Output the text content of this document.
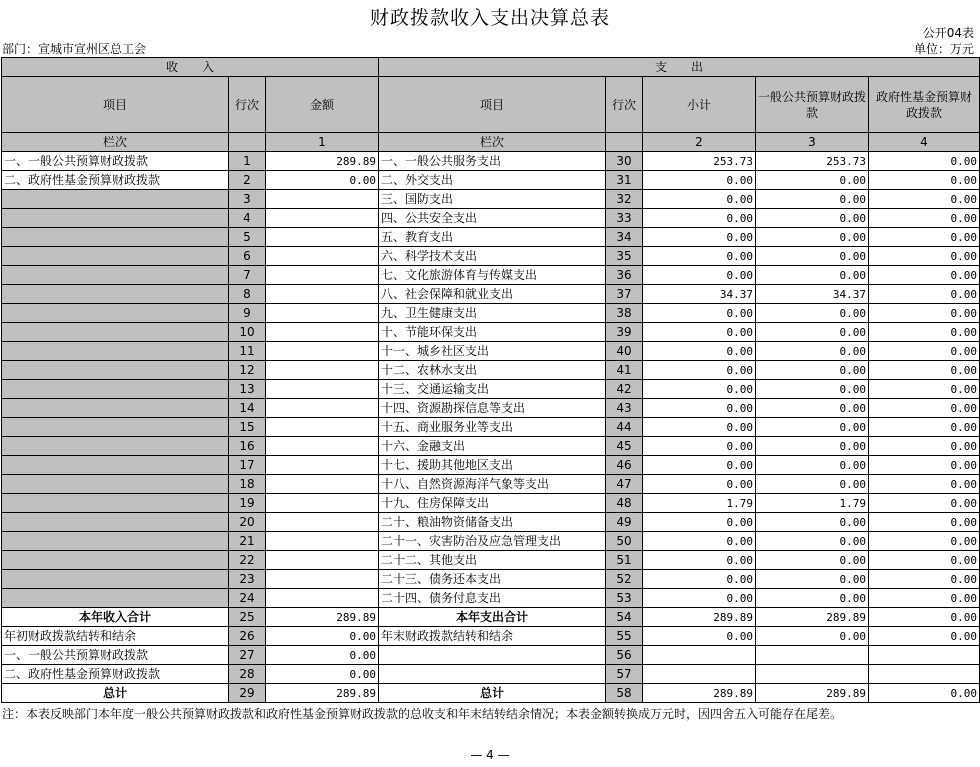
财政拨款收入支出决算总表
公开04表
部门：宣城市宣州区总工会	单位：万元
收　　入			支　　出				
项目	行次	金额	项目	行次	小计	一般公共预算财政拨款	政府性基金预算财政拨款
栏次		1	栏次		2	3	4
一、一般公共预算财政拨款	1	289.89	一、一般公共服务支出	30	253.73	253.73	0.00
二、政府性基金预算财政拨款	2	0.00	二、外交支出	31	0.00	0.00	0.00
	3		三、国防支出	32	0.00	0.00	0.00
	4		四、公共安全支出	33	0.00	0.00	0.00
	5		五、教育支出	34	0.00	0.00	0.00
	6		六、科学技术支出	35	0.00	0.00	0.00
	7		七、文化旅游体育与传媒支出	36	0.00	0.00	0.00
	8		八、社会保障和就业支出	37	34.37	34.37	0.00
	9		九、卫生健康支出	38	0.00	0.00	0.00
	10		十、节能环保支出	39	0.00	0.00	0.00
	11		十一、城乡社区支出	40	0.00	0.00	0.00
	12		十二、农林水支出	41	0.00	0.00	0.00
	13		十三、交通运输支出	42	0.00	0.00	0.00
	14		十四、资源勘探信息等支出	43	0.00	0.00	0.00
	15		十五、商业服务业等支出	44	0.00	0.00	0.00
	16		十六、金融支出	45	0.00	0.00	0.00
	17		十七、援助其他地区支出	46	0.00	0.00	0.00
	18		十八、自然资源海洋气象等支出	47	0.00	0.00	0.00
	19		十九、住房保障支出	48	1.79	1.79	0.00
	20		二十、粮油物资储备支出	49	0.00	0.00	0.00
	21		二十一、灾害防治及应急管理支出	50	0.00	0.00	0.00
	22		二十二、其他支出	51	0.00	0.00	0.00
	23		二十三、债务还本支出	52	0.00	0.00	0.00
	24		二十四、债务付息支出	53	0.00	0.00	0.00
本年收入合计	25	289.89	本年支出合计	54	289.89	289.89	0.00
年初财政拨款结转和结余	26	0.00	年末财政拨款结转和结余	55	0.00	0.00	0.00
一、一般公共预算财政拨款	27	0.00		56			
二、政府性基金预算财政拨款	28	0.00		57			
总计	29	289.89	总计	58	289.89	289.89	0.00
注：本表反映部门本年度一般公共预算财政拨款和政府性基金预算财政拨款的总收支和年末结转结余情况；本表金额转换成万元时，因四舍五入可能存在尾差。
— 4 —
